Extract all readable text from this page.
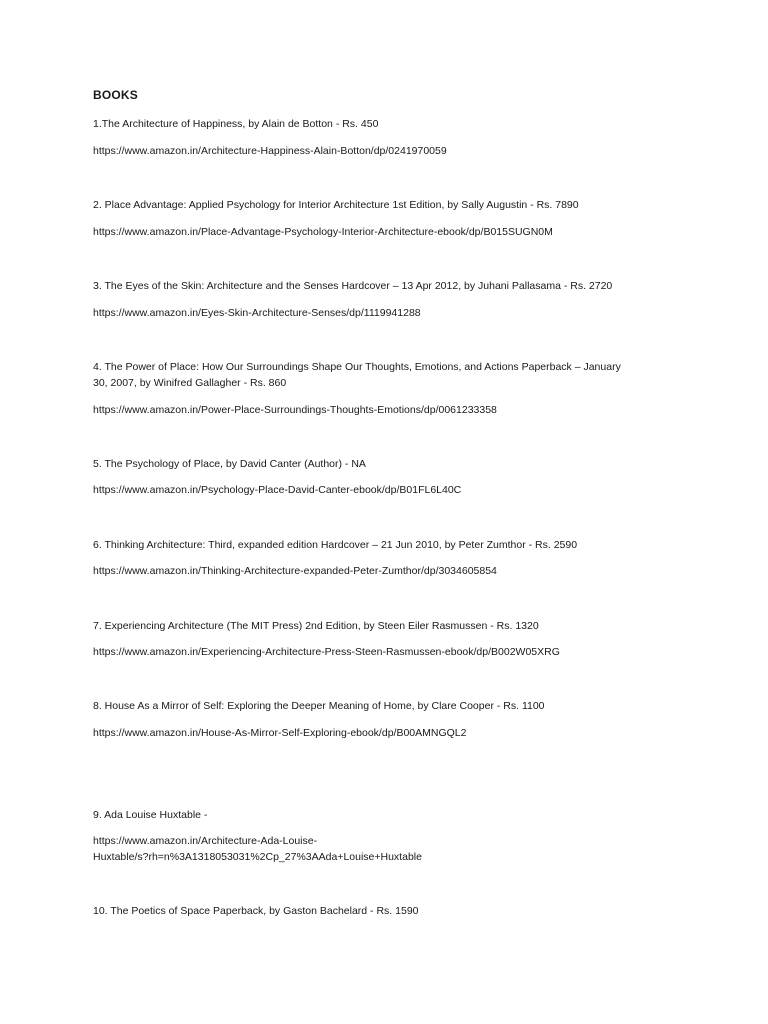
BOOKS
1.The Architecture of Happiness, by Alain de Botton - Rs. 450
https://www.amazon.in/Architecture-Happiness-Alain-Botton/dp/0241970059
2. Place Advantage: Applied Psychology for Interior Architecture 1st Edition, by Sally Augustin - Rs. 7890
https://www.amazon.in/Place-Advantage-Psychology-Interior-Architecture-ebook/dp/B015SUGN0M
3. The Eyes of the Skin: Architecture and the Senses Hardcover – 13 Apr 2012, by Juhani Pallasama - Rs. 2720
https://www.amazon.in/Eyes-Skin-Architecture-Senses/dp/1119941288
4. The Power of Place: How Our Surroundings Shape Our Thoughts, Emotions, and Actions Paperback – January
30, 2007, by Winifred Gallagher - Rs. 860
https://www.amazon.in/Power-Place-Surroundings-Thoughts-Emotions/dp/0061233358
5. The Psychology of Place, by David Canter (Author) - NA
https://www.amazon.in/Psychology-Place-David-Canter-ebook/dp/B01FL6L40C
6. Thinking Architecture: Third, expanded edition Hardcover – 21 Jun 2010, by Peter Zumthor - Rs. 2590
https://www.amazon.in/Thinking-Architecture-expanded-Peter-Zumthor/dp/3034605854
7. Experiencing Architecture (The MIT Press) 2nd Edition, by Steen Eiler Rasmussen - Rs. 1320
https://www.amazon.in/Experiencing-Architecture-Press-Steen-Rasmussen-ebook/dp/B002W05XRG
8. House As a Mirror of Self: Exploring the Deeper Meaning of Home, by Clare Cooper - Rs. 1100
https://www.amazon.in/House-As-Mirror-Self-Exploring-ebook/dp/B00AMNGQL2
9. Ada Louise Huxtable -
https://www.amazon.in/Architecture-Ada-Louise-
Huxtable/s?rh=n%3A1318053031%2Cp_27%3AAda+Louise+Huxtable
10. The Poetics of Space Paperback, by Gaston Bachelard - Rs. 1590
